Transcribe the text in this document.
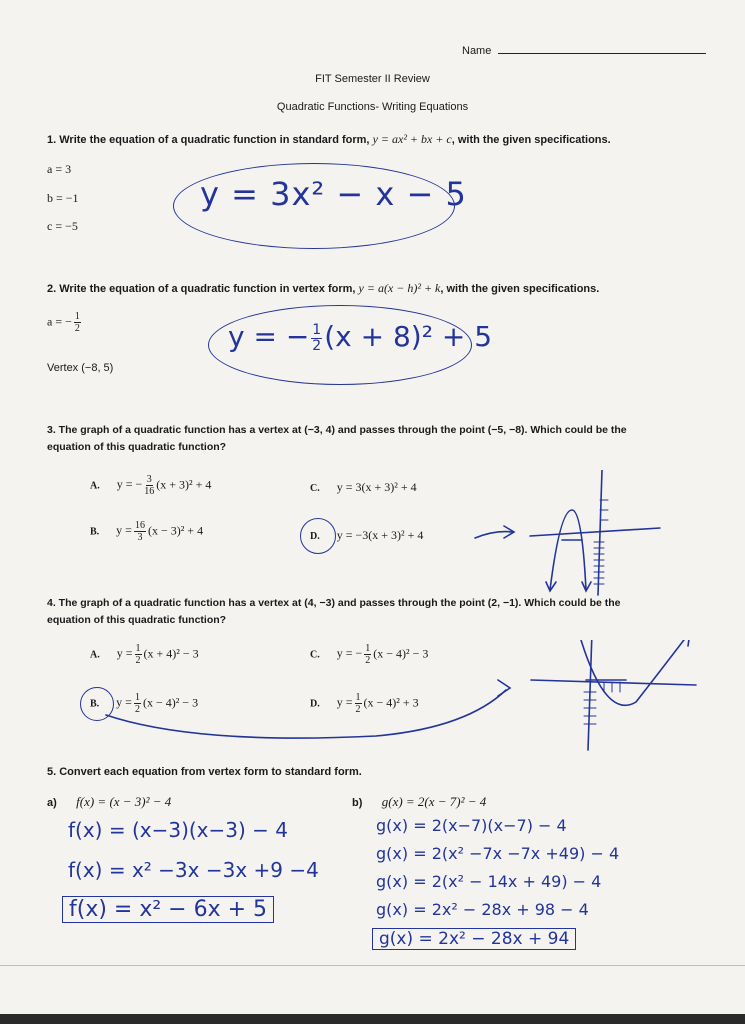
Name
FIT Semester II Review
Quadratic Functions- Writing Equations
1. Write the equation of a quadratic function in standard form, y = ax² + bx + c, with the given specifications.
a = 3
b = −1
c = −5
y = 3x² − x − 5
2. Write the equation of a quadratic function in vertex form, y = a(x − h)² + k, with the given specifications.
a = − $\frac{1}{2}$
Vertex (−8, 5)
y = − $\frac{1}{2} (x + 8)^2 + 5$
3. The graph of a quadratic function has a vertex at (−3, 4) and passes through the point (−5, −8). Which could be the
equation of this quadratic function?
A. y = − $\frac{3}{16} (x + 3)^2 + 4$	C. y = 3(x + 3)² + 4
B. $y = \frac{16}{3} (x - 3)^2 + 4$	D. y = −3(x + 3)² + 4
4. The graph of a quadratic function has a vertex at (4, −3) and passes through the point (2, −1). Which could be the
equation of this quadratic function?
A. $y = \frac{1}{2} (x + 4)^2 - 3$	C. y = − $\frac{1}{2} (x - 4)^2 - 3$
B. $y = \frac{1}{2} (x - 4)^2 - 3$	D. $y = \frac{1}{2} (x - 4)^2 + 3$
5. Convert each equation from vertex form to standard form.
a) f(x) = (x − 3)² − 4
f(x) = (x−3)(x−3) − 4
f(x) = x² −3x −3x +9 −4
f(x) = x² − 6x + 5
b) g(x) = 2(x − 7)² − 4
g(x) = 2(x−7)(x−7) − 4
g(x) = 2(x² −7x −7x +49) − 4
g(x) = 2(x² − 14x + 49) − 4
g(x) = 2x² − 28x + 98 − 4
g(x) = 2x² − 28x + 94
